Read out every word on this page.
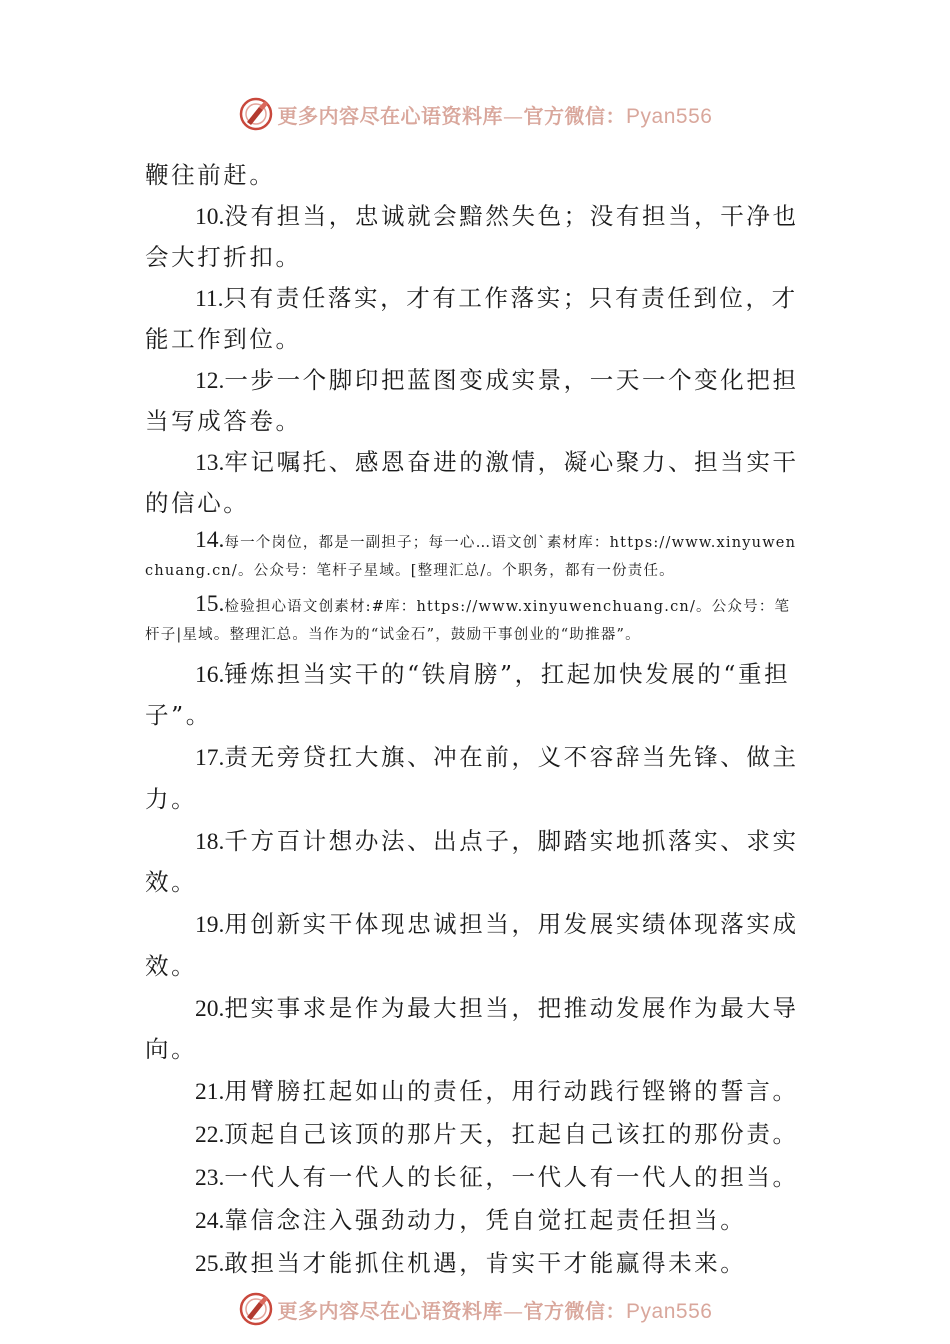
更多内容尽在心语资料库—官方微信：Pyan556

鞭往前赶。

10.没有担当，忠诚就会黯然失色；没有担当，干净也会大打折扣。

11.只有责任落实，才有工作落实；只有责任到位，才能工作到位。

12.一步一个脚印把蓝图变成实景，一天一个变化把担当写成答卷。

13.牢记嘱托、感恩奋进的激情，凝心聚力、担当实干的信心。

14.每一个岗位，都是一副担子；每一心…语文创`素材库：https://www.xinyuwenchuang.cn/。公众号：笔杆子星域。[整理汇总/。个职务，都有一份责任。

15.检验担心语文创素材:#库：https://www.xinyuwenchuang.cn/。公众号：笔杆子|星域。整理汇总。当作为的“试金石”，鼓励干事创业的“助推器”。

16.锤炼担当实干的“铁肩膀”，扛起加快发展的“重担子”。

17.责无旁贷扛大旗、冲在前，义不容辞当先锋、做主力。

18.千方百计想办法、出点子，脚踏实地抓落实、求实效。

19.用创新实干体现忠诚担当，用发展实绩体现落实成效。

20.把实事求是作为最大担当，把推动发展作为最大导向。

21.用臂膀扛起如山的责任，用行动践行铿锵的誓言。

22.顶起自己该顶的那片天，扛起自己该扛的那份责。

23.一代人有一代人的长征，一代人有一代人的担当。

24.靠信念注入强劲动力，凭自觉扛起责任担当。

25.敢担当才能抓住机遇，肯实干才能赢得未来。

更多内容尽在心语资料库—官方微信：Pyan556
